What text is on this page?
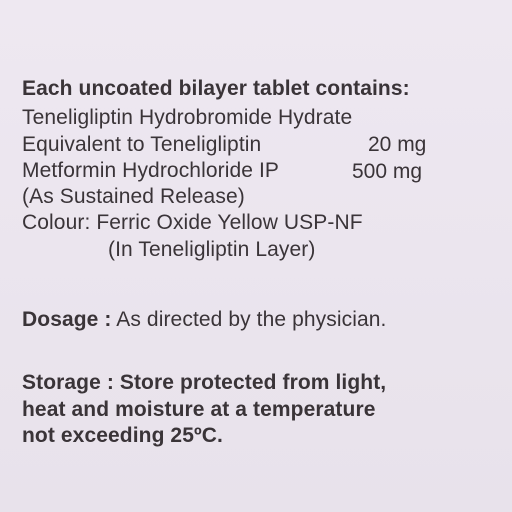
Each uncoated bilayer tablet contains:
Teneligliptin Hydrobromide Hydrate
Equivalent to Teneligliptin	20 mg
Metformin Hydrochloride IP	500 mg
(As Sustained Release)
Colour: Ferric Oxide Yellow USP-NF
(In Teneligliptin Layer)
Dosage : As directed by the physician.
Storage : Store protected from light,
heat and moisture at a temperature
not exceeding 25ºC.
